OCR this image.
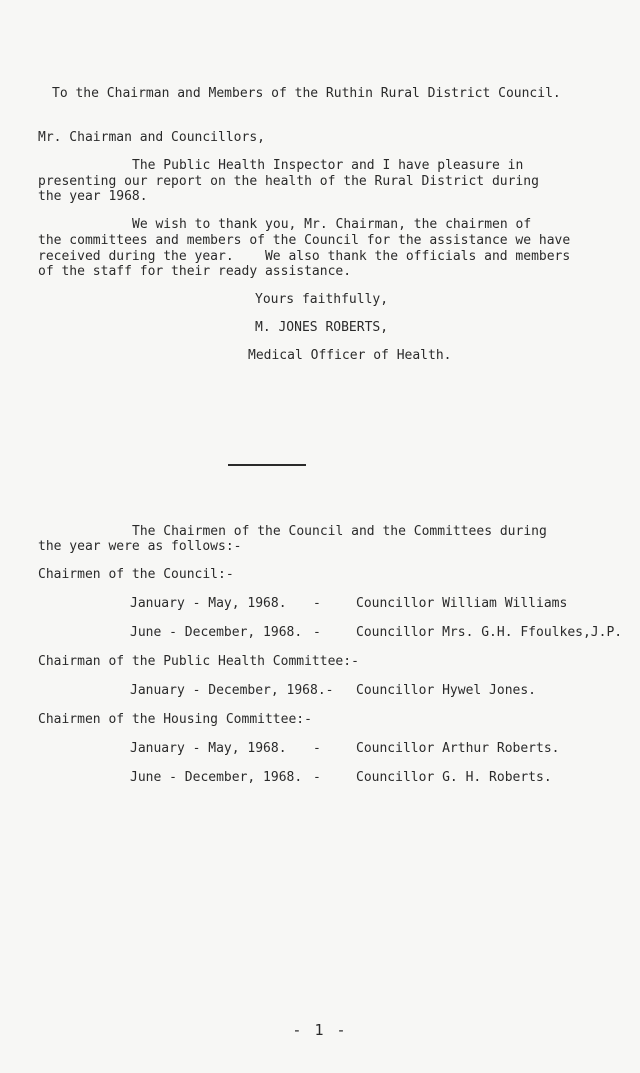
To the Chairman and Members of the Ruthin Rural District Council.
Mr. Chairman and Councillors,
The Public Health Inspector and I have pleasure in
presenting our report on the health of the Rural District during
the year 1968.
We wish to thank you, Mr. Chairman, the chairmen of
the committees and members of the Council for the assistance we have
received during the year.    We also thank the officials and members
of the staff for their ready assistance.
Yours faithfully,
M. JONES ROBERTS,
Medical Officer of Health.
The Chairmen of the Council and the Committees during
the year were as follows:-
Chairmen of the Council:-
January - May, 1968. -	Councillor William Williams
June - December, 1968. -	Councillor Mrs. G.H. Ffoulkes,J.P.
Chairman of the Public Health Committee:-
January - December, 1968.- Councillor Hywel Jones.
Chairmen of the Housing Committee:-
January - May, 1968. -	Councillor Arthur Roberts.
June - December, 1968. -	Councillor G. H. Roberts.
- 1 -
